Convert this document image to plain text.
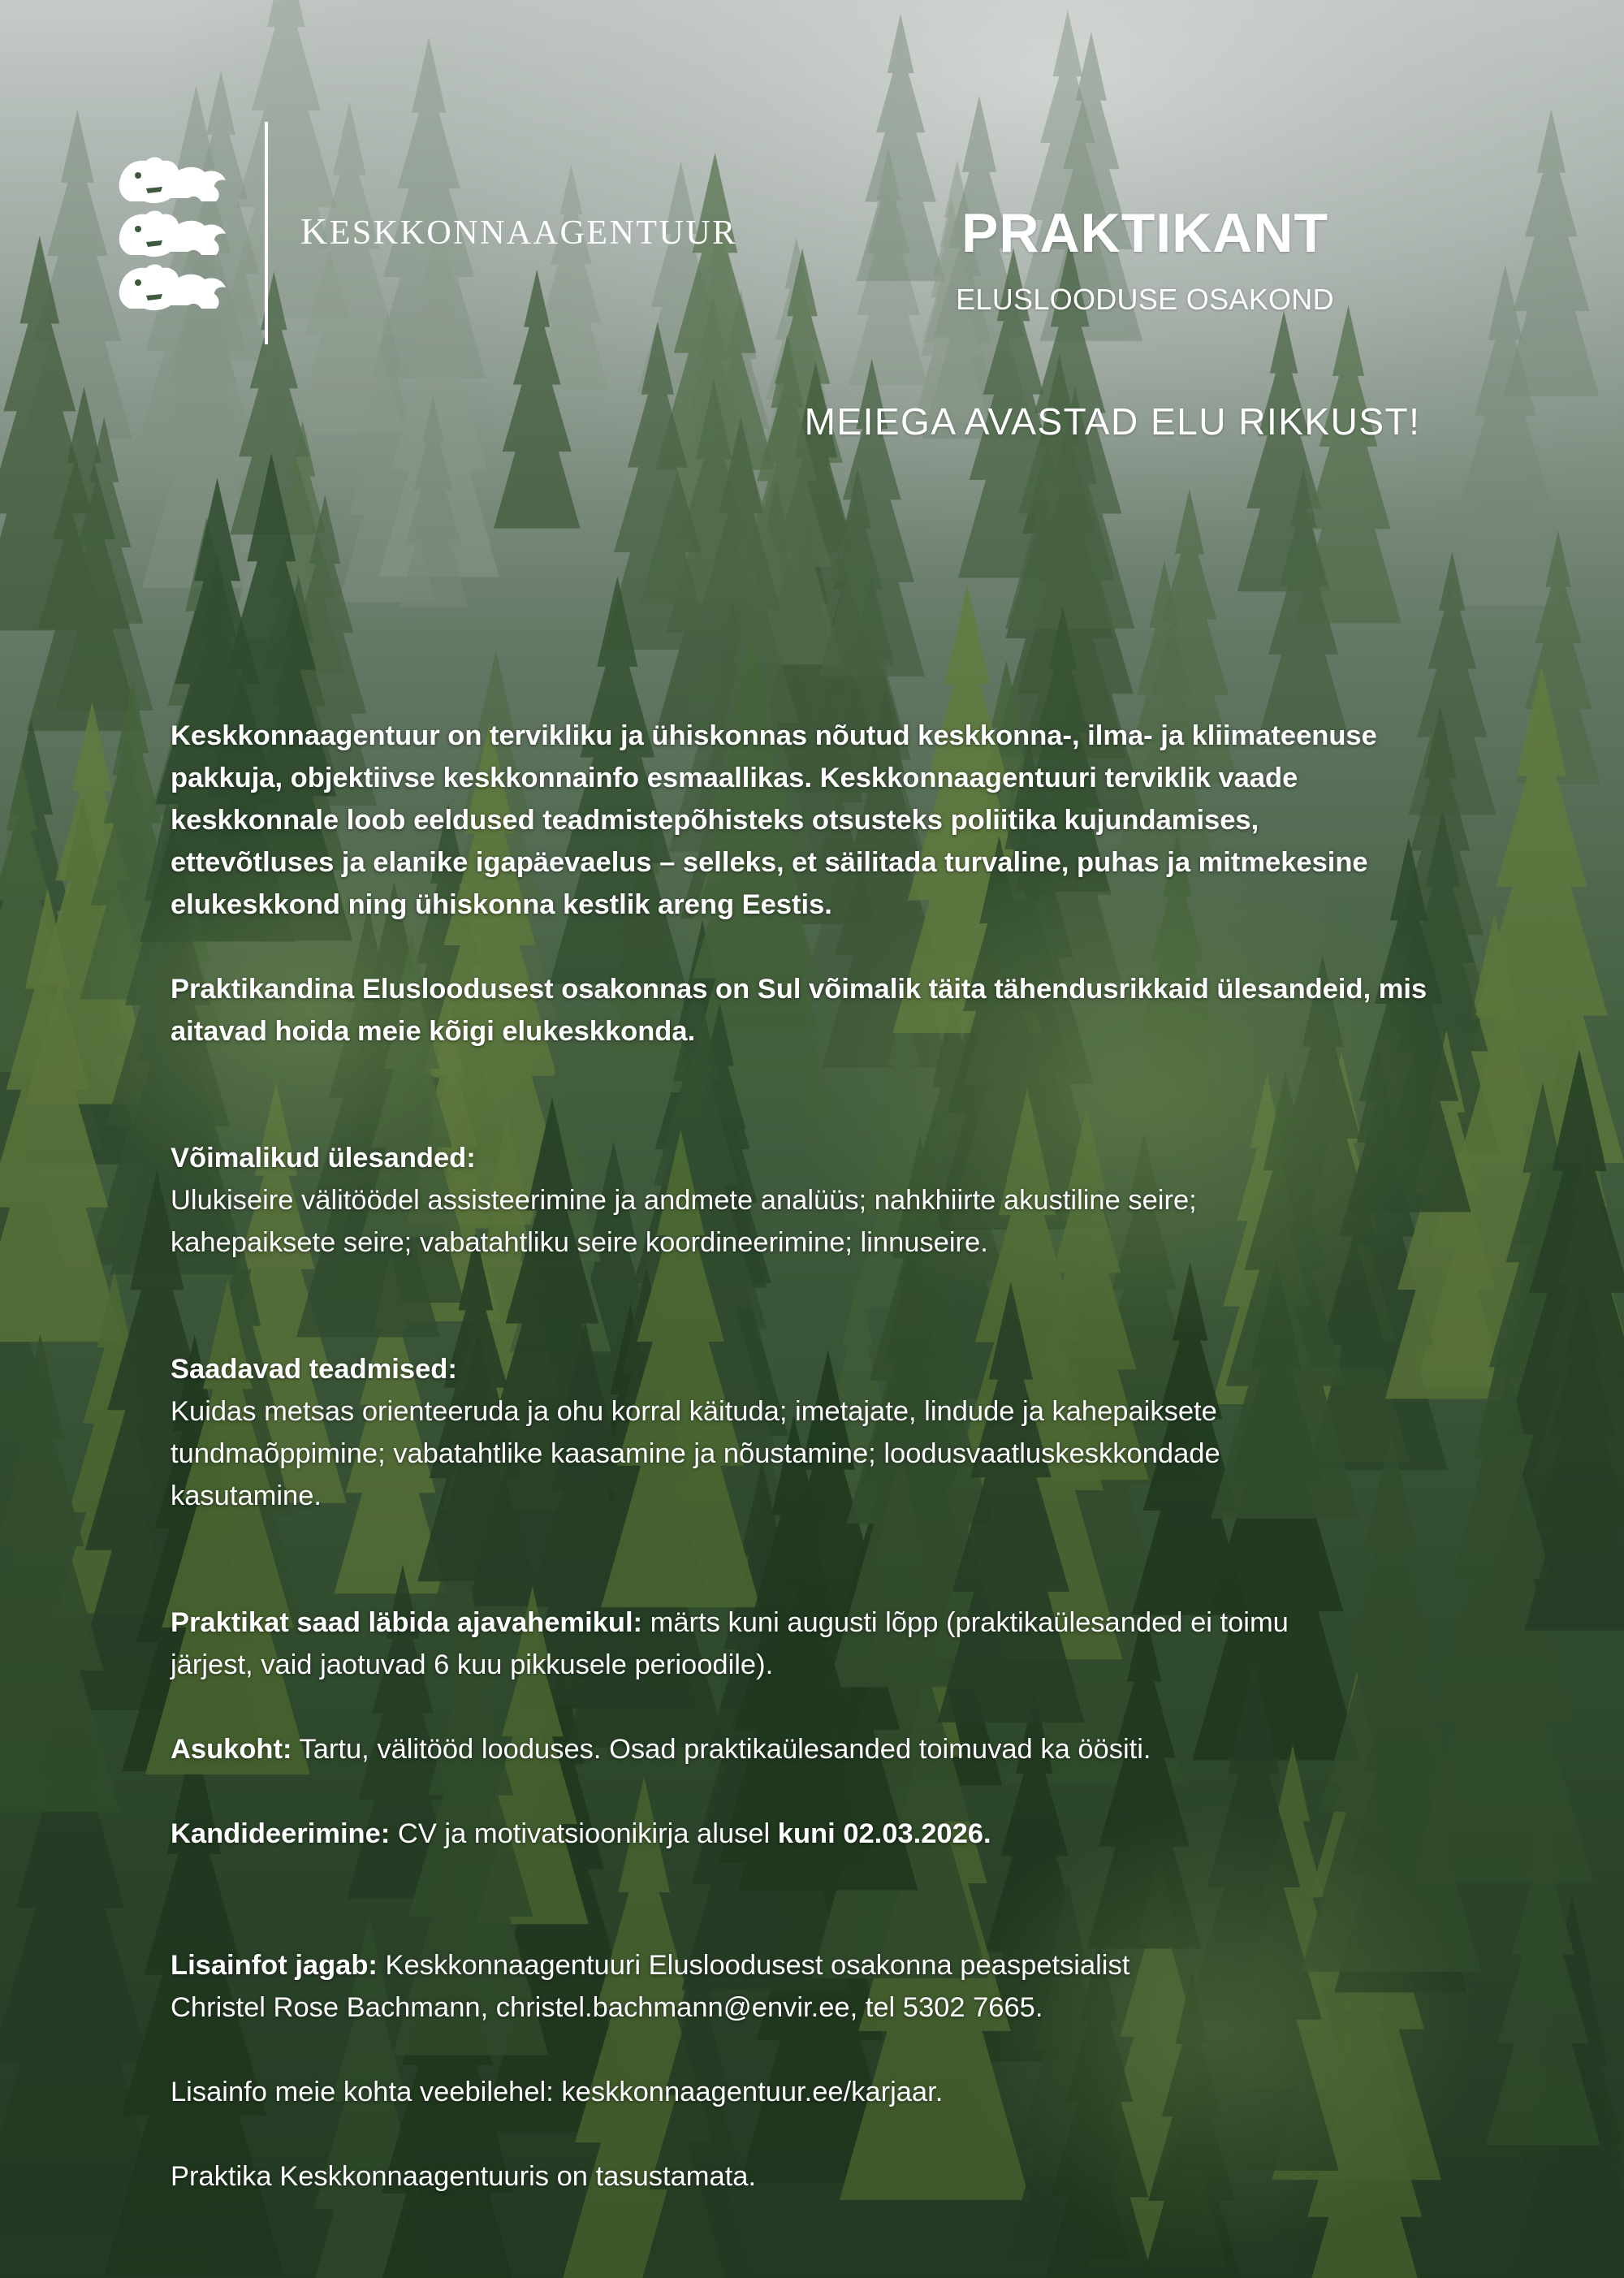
KESKKONNAAGENTUUR	PRAKTIKANT
ELUSLOODUSE OSAKOND
MEIEGA AVASTAD ELU RIKKUST!

Keskkonnaagentuur on tervikliku ja ühiskonnas nõutud keskkonna-, ilma- ja kliimateenuse

pakkuja, objektiivse keskkonnainfo esmaallikas. Keskkonnaagentuuri terviklik vaade

keskkonnale loob eeldused teadmistepõhisteks otsusteks poliitika kujundamises,

ettevõtluses ja elanike igapäevaelus – selleks, et säilitada turvaline, puhas ja mitmekesine

elukeskkond ning ühiskonna kestlik areng Eestis.

Praktikandina Elusloodusest osakonnas on Sul võimalik täita tähendusrikkaid ülesandeid, mis

aitavad hoida meie kõigi elukeskkonda.

Võimalikud ülesanded:

Ulukiseire välitöödel assisteerimine ja andmete analüüs; nahkhiirte akustiline seire;

kahepaiksete seire; vabatahtliku seire koordineerimine; linnuseire.

Saadavad teadmised:

Kuidas metsas orienteeruda ja ohu korral käituda; imetajate, lindude ja kahepaiksete

tundmaõppimine; vabatahtlike kaasamine ja nõustamine; loodusvaatluskeskkondade

kasutamine.

Praktikat saad läbida ajavahemikul: märts kuni augusti lõpp (praktikaülesanded ei toimu

järjest, vaid jaotuvad 6 kuu pikkusele perioodile).

Asukoht: Tartu, välitööd looduses. Osad praktikaülesanded toimuvad ka öösiti.

Kandideerimine: CV ja motivatsioonikirja alusel kuni 02.03.2026.

Lisainfot jagab: Keskkonnaagentuuri Elusloodusest osakonna peaspetsialist

Christel Rose Bachmann, christel.bachmann@envir.ee, tel 5302 7665.

Lisainfo meie kohta veebilehel: keskkonnaagentuur.ee/karjaar.

Praktika Keskkonnaagentuuris on tasustamata.
